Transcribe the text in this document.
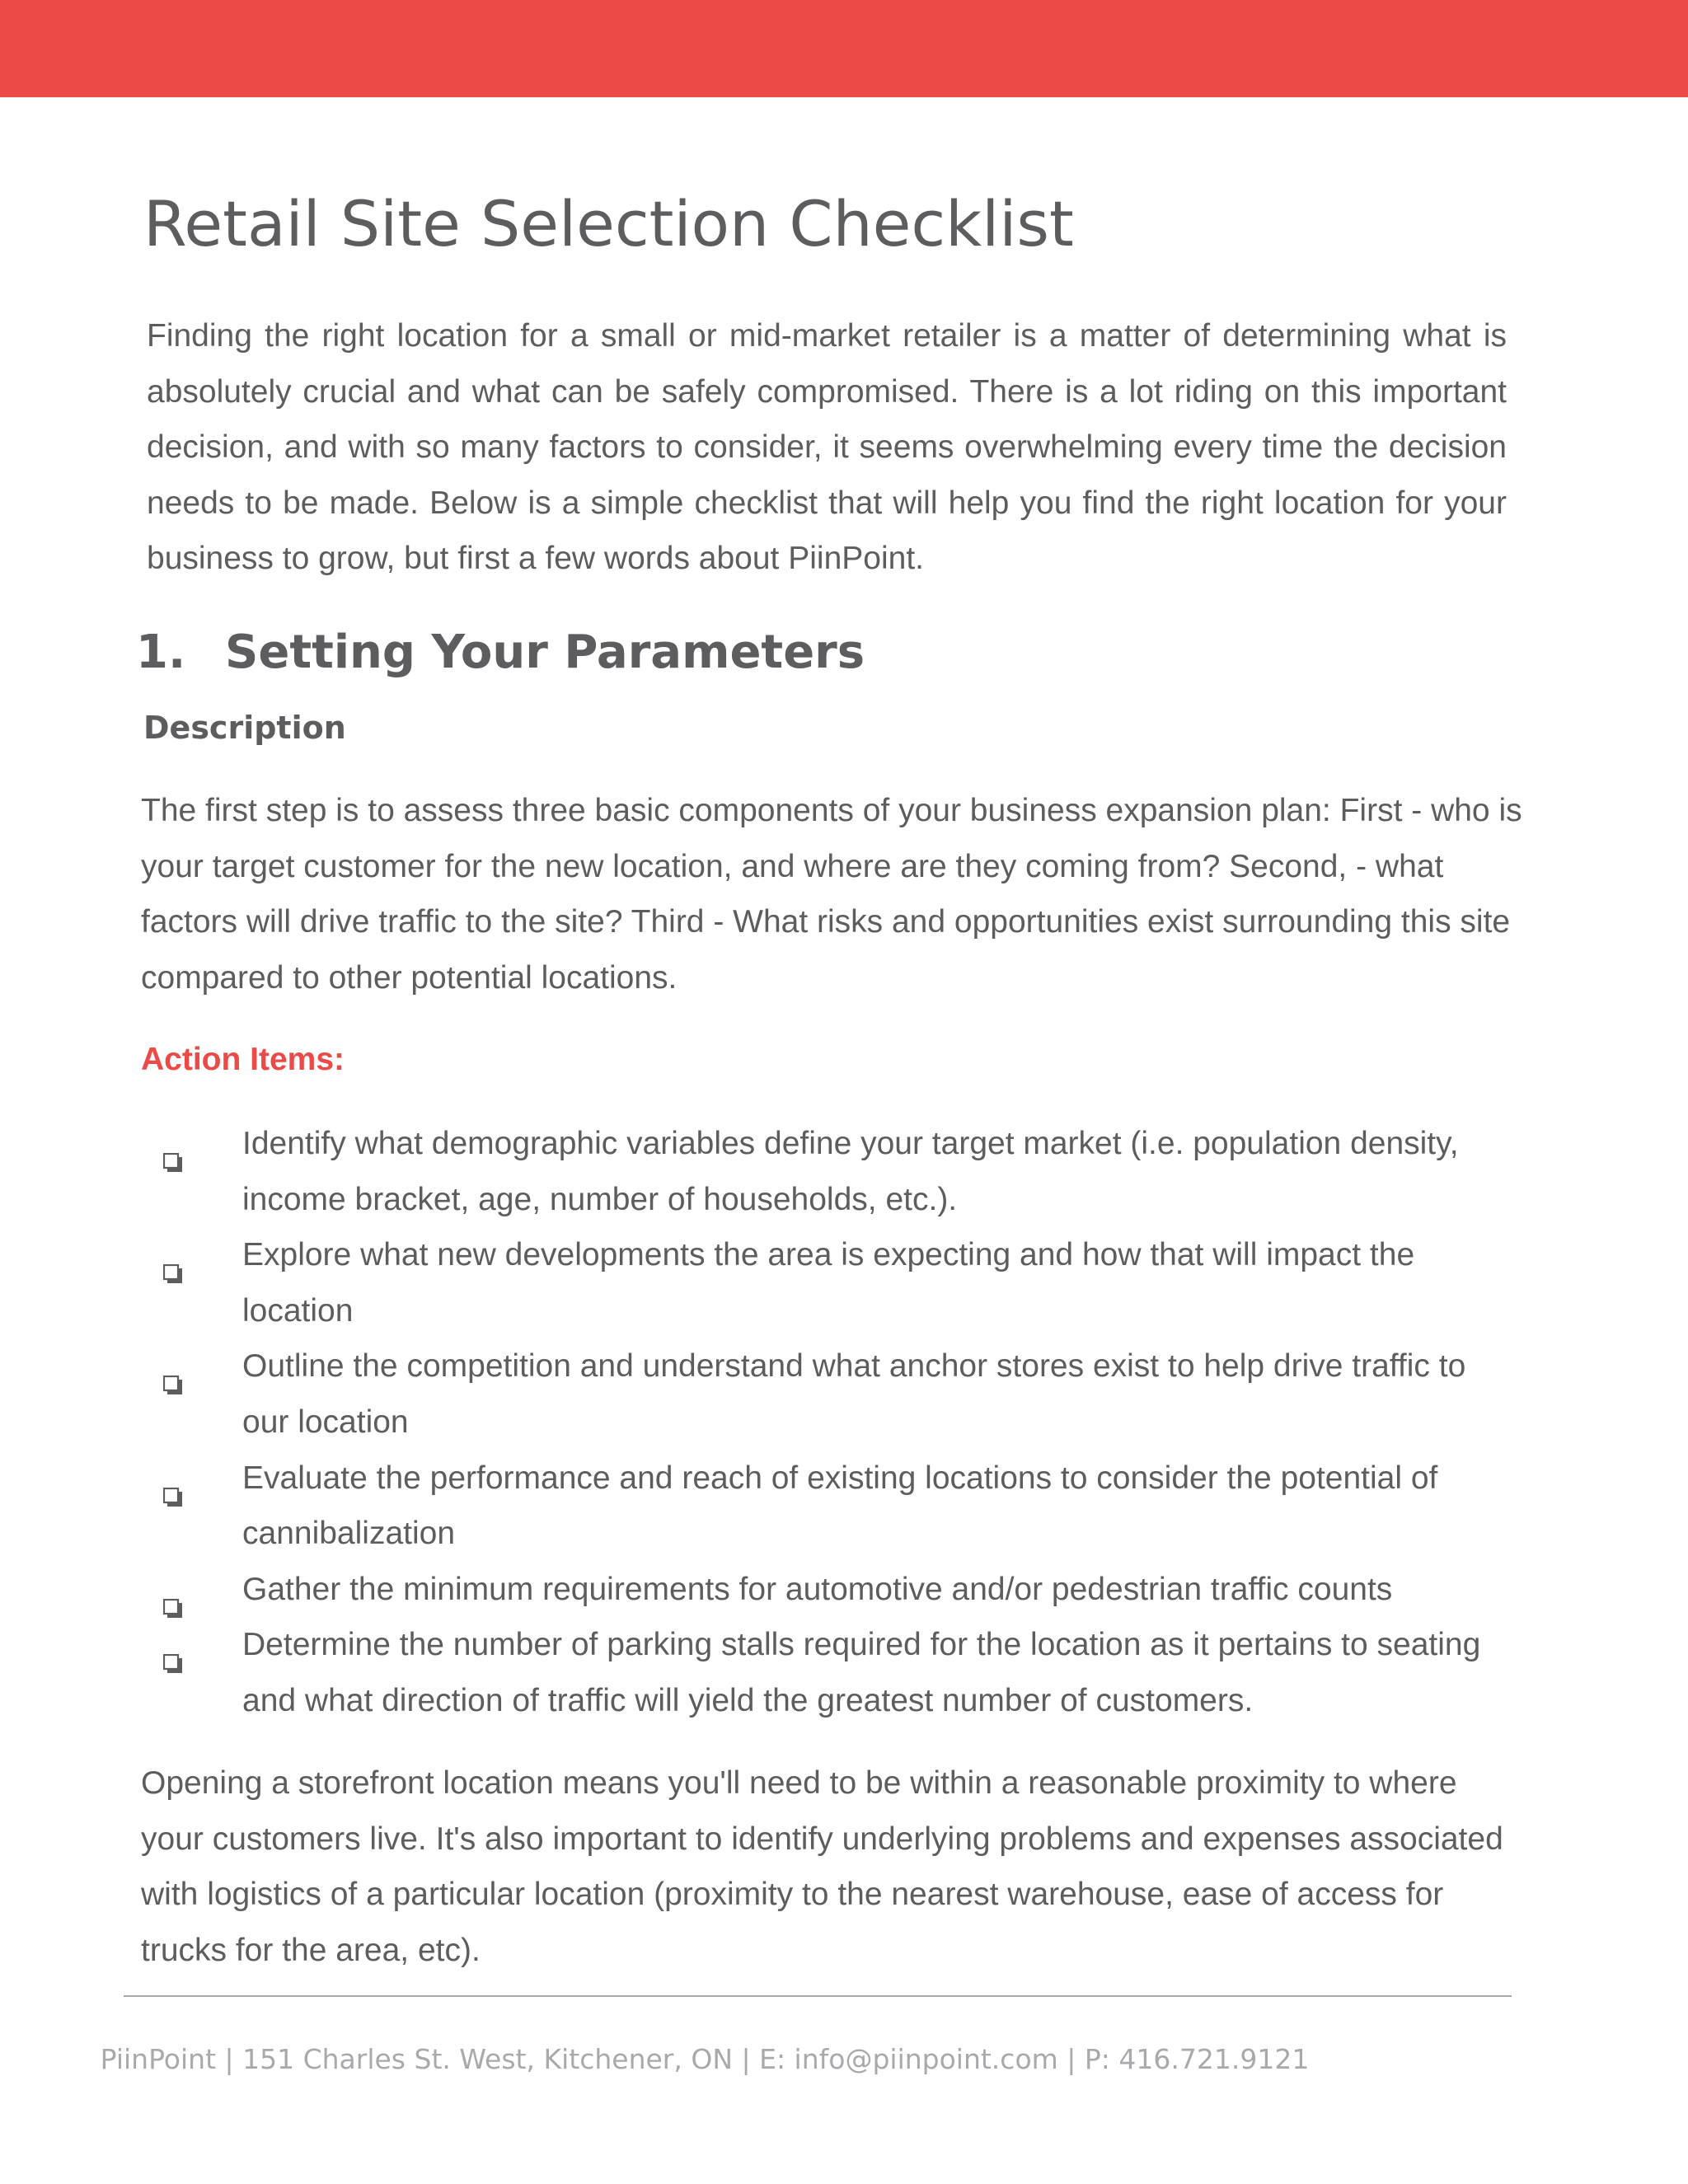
Retail Site Selection Checklist

Finding the right location for a small or mid-market retailer is a matter of determining what is absolutely crucial and what can be safely compromised. There is a lot riding on this important decision, and with so many factors to consider, it seems overwhelming every time the decision needs to be made. Below is a simple checklist that will help you find the right location for your business to grow, but first a few words about PiinPoint.

1. Setting Your Parameters
Description

The first step is to assess three basic components of your business expansion plan: First - who is your target customer for the new location, and where are they coming from? Second, - what factors will drive traffic to the site? Third - What risks and opportunities exist surrounding this site compared to other potential locations.

Action Items:
Identify what demographic variables define your target market (i.e. population density, income bracket, age, number of households, etc.).
Explore what new developments the area is expecting and how that will impact the location
Outline the competition and understand what anchor stores exist to help drive traffic to our location
Evaluate the performance and reach of existing locations to consider the potential of cannibalization
Gather the minimum requirements for automotive and/or pedestrian traffic counts
Determine the number of parking stalls required for the location as it pertains to seating and what direction of traffic will yield the greatest number of customers.

Opening a storefront location means you'll need to be within a reasonable proximity to where your customers live. It's also important to identify underlying problems and expenses associated with logistics of a particular location (proximity to the nearest warehouse, ease of access for trucks for the area, etc).

PiinPoint | 151 Charles St. West, Kitchener, ON | E: info@piinpoint.com | P: 416.721.9121
